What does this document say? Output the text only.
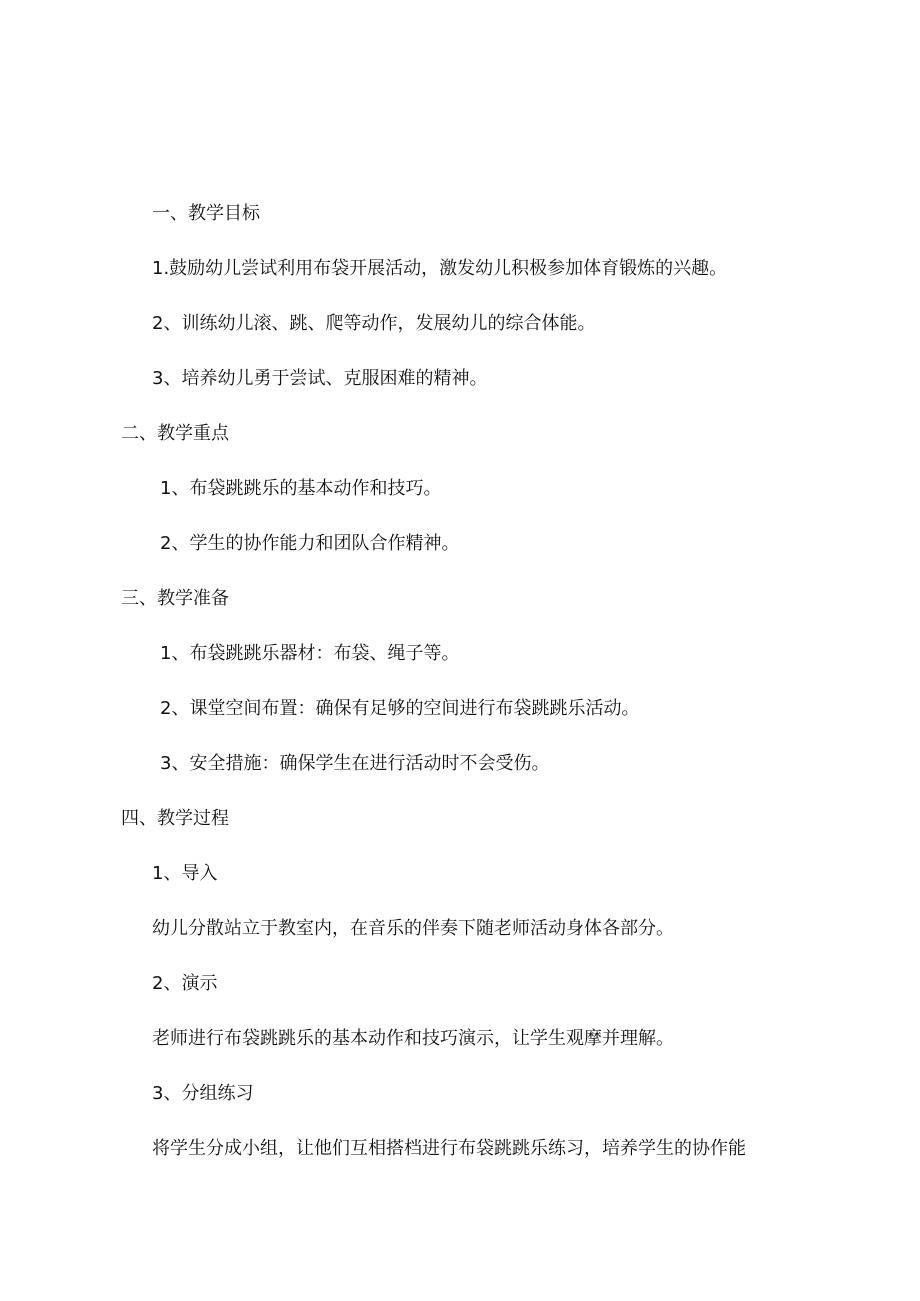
一、教学目标
1.鼓励幼儿尝试利用布袋开展活动，激发幼儿积极参加体育锻炼的兴趣。
2、训练幼儿滚、跳、爬等动作，发展幼儿的综合体能。
3、培养幼儿勇于尝试、克服困难的精神。
二、教学重点
1、布袋跳跳乐的基本动作和技巧。
2、学生的协作能力和团队合作精神。
三、教学准备
1、布袋跳跳乐器材：布袋、绳子等。
2、课堂空间布置：确保有足够的空间进行布袋跳跳乐活动。
3、安全措施：确保学生在进行活动时不会受伤。
四、教学过程
1、导入
幼儿分散站立于教室内，在音乐的伴奏下随老师活动身体各部分。
2、演示
老师进行布袋跳跳乐的基本动作和技巧演示，让学生观摩并理解。
3、分组练习
将学生分成小组，让他们互相搭档进行布袋跳跳乐练习，培养学生的协作能
